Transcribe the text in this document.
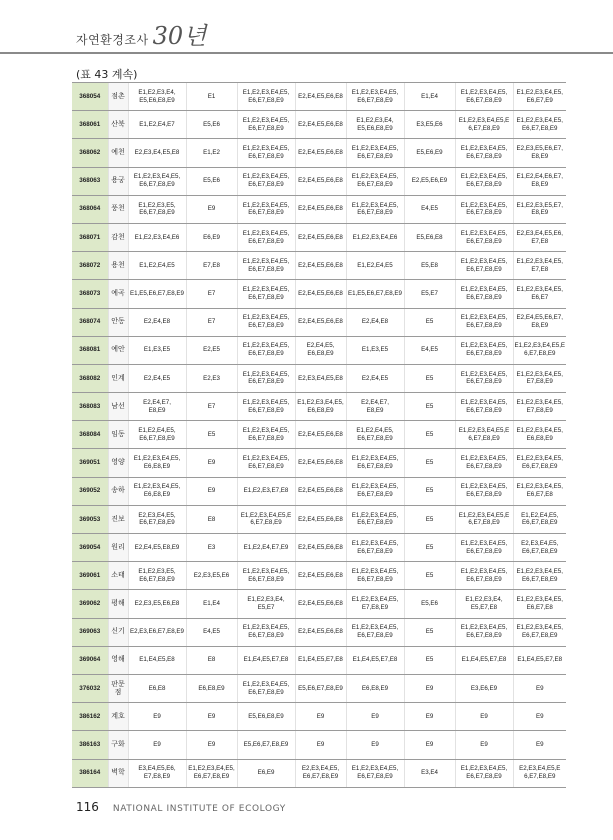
자연환경조사 30년
(표 43 계속)
368054	점촌	E1,E2,E3,E4,
E5,E6,E8,E9	E1	E1,E2,E3,E4,E5,
E6,E7,E8,E9	E2,E4,E5,E6,E8	E1,E2,E3,E4,E5,
E6,E7,E8,E9	E1,E4	E1,E2,E3,E4,E5,
E6,E7,E8,E9	E1,E2,E3,E4,E5,
E6,E7,E9
368061	산북	E1,E2,E4,E7	E5,E6	E1,E2,E3,E4,E5,
E6,E7,E8,E9	E2,E4,E5,E6,E8	E1,E2,E3,E4,
E5,E6,E8,E9	E3,E5,E6	E1,E2,E3,E4,E5,E
6,E7,E8,E9	E1,E2,E3,E4,E5,
E6,E7,E8,E9
368062	예천	E2,E3,E4,E5,E8	E1,E2	E1,E2,E3,E4,E5,
E6,E7,E8,E9	E2,E4,E5,E6,E8	E1,E2,E3,E4,E5,
E6,E7,E8,E9	E5,E6,E9	E1,E2,E3,E4,E5,
E6,E7,E8,E9	E2,E3,E5,E6,E7,
E8,E9
368063	용궁	E1,E2,E3,E4,E5,
E6,E7,E8,E9	E5,E6	E1,E2,E3,E4,E5,
E6,E7,E8,E9	E2,E4,E5,E6,E8	E1,E2,E3,E4,E5,
E6,E7,E8,E9	E2,E5,E6,E9	E1,E2,E3,E4,E5,
E6,E7,E8,E9	E1,E2,E4,E6,E7,
E8,E9
368064	풍천	E1,E2,E3,E5,
E6,E7,E8,E9	E9	E1,E2,E3,E4,E5,
E6,E7,E8,E9	E2,E4,E5,E6,E8	E1,E2,E3,E4,E5,
E6,E7,E8,E9	E4,E5	E1,E2,E3,E4,E5,
E6,E7,E8,E9	E1,E2,E3,E5,E7,
E8,E9
368071	감천	E1,E2,E3,E4,E6	E6,E9	E1,E2,E3,E4,E5,
E6,E7,E8,E9	E2,E4,E5,E6,E8	E1,E2,E3,E4,E6	E5,E6,E8	E1,E2,E3,E4,E5,
E6,E7,E8,E9	E2,E3,E4,E5,E6,
E7,E8
368072	용천	E1,E2,E4,E5	E7,E8	E1,E2,E3,E4,E5,
E6,E7,E8,E9	E2,E4,E5,E6,E8	E1,E2,E4,E5	E5,E8	E1,E2,E3,E4,E5,
E6,E7,E8,E9	E1,E2,E3,E4,E5,
E7,E8
368073	예곡	E1,E5,E6,E7,E8,E9	E7	E1,E2,E3,E4,E5,
E6,E7,E8,E9	E2,E4,E5,E6,E8	E1,E5,E6,E7,E8,E9	E5,E7	E1,E2,E3,E4,E5,
E6,E7,E8,E9	E1,E2,E3,E4,E5,
E6,E7
368074	안동	E2,E4,E8	E7	E1,E2,E3,E4,E5,
E6,E7,E8,E9	E2,E4,E5,E6,E8	E2,E4,E8	E5	E1,E2,E3,E4,E5,
E6,E7,E8,E9	E2,E4,E5,E6,E7,
E8,E9
368081	예안	E1,E3,E5	E2,E5	E1,E2,E3,E4,E5,
E6,E7,E8,E9	E2,E4,E5,
E6,E8,E9	E1,E3,E5	E4,E5	E1,E2,E3,E4,E5,
E6,E7,E8,E9	E1,E2,E3,E4,E5,E
6,E7,E8,E9
368082	인계	E2,E4,E5	E2,E3	E1,E2,E3,E4,E5,
E6,E7,E8,E9	E2,E3,E4,E5,E8	E2,E4,E5	E5	E1,E2,E3,E4,E5,
E6,E7,E8,E9	E1,E2,E3,E4,E5,
E7,E8,E9
368083	남선	E2,E4,E7,
E8,E9	E7	E1,E2,E3,E4,E5,
E6,E7,E8,E9	E1,E2,E3,E4,E5,
E6,E8,E9	E2,E4,E7,
E8,E9	E5	E1,E2,E3,E4,E5,
E6,E7,E8,E9	E1,E2,E3,E4,E5,
E7,E8,E9
368084	임동	E1,E2,E4,E5,
E6,E7,E8,E9	E5	E1,E2,E3,E4,E5,
E6,E7,E8,E9	E2,E4,E5,E6,E8	E1,E2,E4,E5,
E6,E7,E8,E9	E5	E1,E2,E3,E4,E5,E
6,E7,E8,E9	E1,E2,E3,E4,E5,
E6,E8,E9
369051	영양	E1,E2,E3,E4,E5,
E6,E8,E9	E9	E1,E2,E3,E4,E5,
E6,E7,E8,E9	E2,E4,E5,E6,E8	E1,E2,E3,E4,E5,
E6,E7,E8,E9	E5	E1,E2,E3,E4,E5,
E6,E7,E8,E9	E1,E2,E3,E4,E5,
E6,E7,E8,E9
369052	송하	E1,E2,E3,E4,E5,
E6,E8,E9	E9	E1,E2,E3,E7,E8	E2,E4,E5,E6,E8	E1,E2,E3,E4,E5,
E6,E7,E8,E9	E5	E1,E2,E3,E4,E5,
E6,E7,E8,E9	E1,E2,E3,E4,E5,
E6,E7,E8
369053	진보	E2,E3,E4,E5,
E6,E7,E8,E9	E8	E1,E2,E3,E4,E5,E
6,E7,E8,E9	E2,E4,E5,E6,E8	E1,E2,E3,E4,E5,
E6,E7,E8,E9	E5	E1,E2,E3,E4,E5,E
6,E7,E8,E9	E1,E2,E4,E5,
E6,E7,E8,E9
369054	원리	E2,E4,E5,E8,E9	E3	E1,E2,E4,E7,E9	E2,E4,E5,E6,E8	E1,E2,E3,E4,E5,
E6,E7,E8,E9	E5	E1,E2,E3,E4,E5,
E6,E7,E8,E9	E2,E3,E4,E5,
E6,E7,E8,E9
369061	소태	E1,E2,E3,E5,
E6,E7,E8,E9	E2,E3,E5,E6	E1,E2,E3,E4,E5,
E6,E7,E8,E9	E2,E4,E5,E6,E8	E1,E2,E3,E4,E5,
E6,E7,E8,E9	E5	E1,E2,E3,E4,E5,
E6,E7,E8,E9	E1,E2,E3,E4,E5,
E6,E7,E8,E9
369062	평해	E2,E3,E5,E6,E8	E1,E4	E1,E2,E3,E4,
E5,E7	E2,E4,E5,E6,E8	E1,E2,E3,E4,E5,
E7,E8,E9	E5,E6	E1,E2,E3,E4,
E5,E7,E8	E1,E2,E3,E4,E5,
E6,E7,E8
369063	신기	E2,E3,E6,E7,E8,E9	E4,E5	E1,E2,E3,E4,E5,
E6,E7,E8,E9	E2,E4,E5,E6,E8	E1,E2,E3,E4,E5,
E6,E7,E8,E9	E5	E1,E2,E3,E4,E5,
E6,E7,E8,E9	E1,E2,E3,E4,E5,
E6,E7,E8,E9
369064	영해	E1,E4,E5,E8	E8	E1,E4,E5,E7,E8	E1,E4,E5,E7,E8	E1,E4,E5,E7,E8	E5	E1,E4,E5,E7,E8	E1,E4,E5,E7,E8
376032	판문점	E6,E8	E6,E8,E9	E1,E2,E3,E4,E5,
E6,E7,E8,E9	E5,E6,E7,E8,E9	E6,E8,E9	E9	E3,E6,E9	E9
386162	계호	E9	E9	E5,E6,E8,E9	E9	E9	E9	E9	E9
386163	구화	E9	E9	E5,E6,E7,E8,E9	E9	E9	E9	E9	E9
386164	벽학	E3,E4,E5,E6,
E7,E8,E9	E1,E2,E3,E4,E5,
E6,E7,E8,E9	E6,E9	E2,E3,E4,E5,
E6,E7,E8,E9	E1,E2,E3,E4,E5,
E6,E7,E8,E9	E3,E4	E1,E2,E3,E4,E5,
E6,E7,E8,E9	E2,E3,E4,E5,E
6,E7,E8,E9
116 NATIONAL INSTITUTE OF ECOLOGY
